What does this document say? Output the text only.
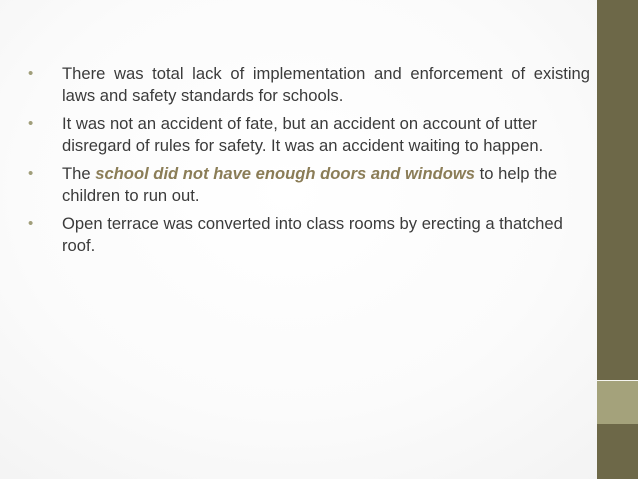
• There was total lack of implementation and enforcement of existing laws and safety standards for schools.
• It was not an accident of fate, but an accident on account of utter disregard of rules for safety. It was an accident waiting to happen.
• The school did not have enough doors and windows to help the children to run out.
• Open terrace was converted into class rooms by erecting a thatched roof.
